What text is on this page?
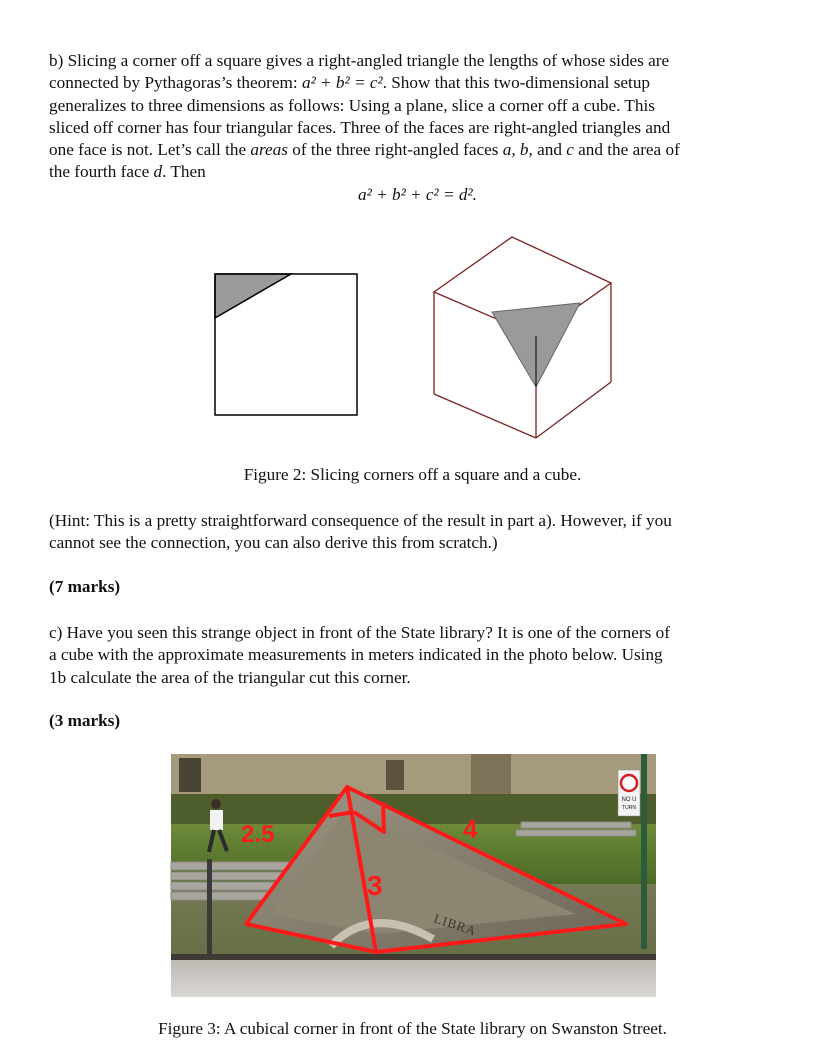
b) Slicing a corner off a square gives a right-angled triangle the lengths of whose sides are
connected by Pythagoras’s theorem: a² + b² = c². Show that this two-dimensional setup
generalizes to three dimensions as follows: Using a plane, slice a corner off a cube. This
sliced off corner has four triangular faces. Three of the faces are right-angled triangles and
one face is not. Let’s call the areas of the three right-angled faces a, b, and c and the area of
the fourth face d. Then

a² + b² + c² = d².
Figure 2: Slicing corners off a square and a cube.

(Hint: This is a pretty straightforward consequence of the result in part a). However, if you
cannot see the connection, you can also derive this from scratch.)

(7 marks)

c) Have you seen this strange object in front of the State library? It is one of the corners of
a cube with the approximate measurements in meters indicated in the photo below. Using
1b calculate the area of the triangular cut this corner.

(3 marks)
NO U
TURN
LIBRA
2.5	4
3
Figure 3: A cubical corner in front of the State library on Swanston Street.
